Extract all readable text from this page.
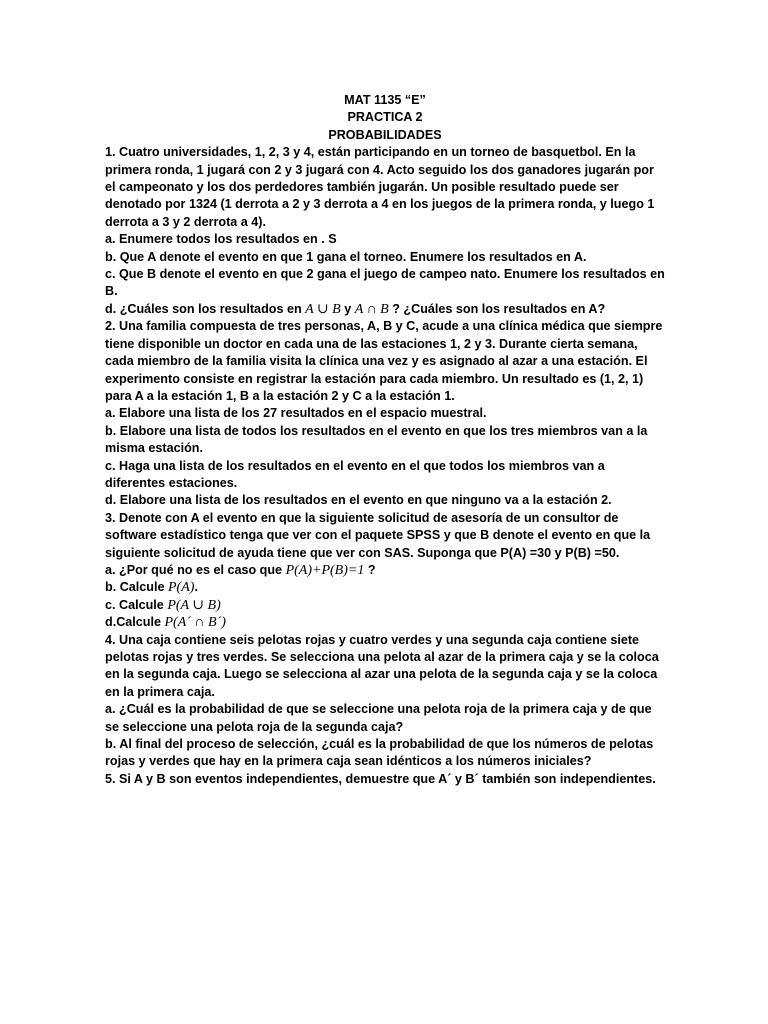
MAT 1135 “E”
PRACTICA 2
PROBABILIDADES
1. Cuatro universidades, 1, 2, 3 y 4, están participando en un torneo de basquetbol. En la primera ronda, 1 jugará con 2 y 3 jugará con 4. Acto seguido los dos ganadores jugarán por el campeonato y los dos perdedores también jugarán. Un posible resultado puede ser denotado por 1324 (1 derrota a 2 y 3 derrota a 4 en los juegos de la primera ronda, y luego 1 derrota a 3 y 2 derrota a 4).
a. Enumere todos los resultados en . S
b. Que A denote el evento en que 1 gana el torneo. Enumere los resultados en A.
c. Que B denote el evento en que 2 gana el juego de campeo nato. Enumere los resultados en B.
d. ¿Cuáles son los resultados en A ∪ B y A ∩ B ? ¿Cuáles son los resultados en A?
2. Una familia compuesta de tres personas, A, B y C, acude a una clínica médica que siempre tiene disponible un doctor en cada una de las estaciones 1, 2 y 3. Durante cierta semana, cada miembro de la familia visita la clínica una vez y es asignado al azar a una estación. El experimento consiste en registrar la estación para cada miembro. Un resultado es (1, 2, 1) para A a la estación 1, B a la estación 2 y C a la estación 1.
a. Elabore una lista de los 27 resultados en el espacio muestral.
b. Elabore una lista de todos los resultados en el evento en que los tres miembros van a la misma estación.
c. Haga una lista de los resultados en el evento en el que todos los miembros van a diferentes estaciones.
d. Elabore una lista de los resultados en el evento en que ninguno va a la estación 2.
3. Denote con A el evento en que la siguiente solicitud de asesoría de un consultor de software estadístico tenga que ver con el paquete SPSS y que B denote el evento en que la siguiente solicitud de ayuda tiene que ver con SAS. Suponga que P(A) =30 y P(B) =50.
a. ¿Por qué no es el caso que P(A)+P(B)=1 ?
b. Calcule P(A).
c. Calcule P(A ∪ B)
d.Calcule P(A´ ∩ B´)
4. Una caja contiene seis pelotas rojas y cuatro verdes y una segunda caja contiene siete pelotas rojas y tres verdes. Se selecciona una pelota al azar de la primera caja y se la coloca en la segunda caja. Luego se selecciona al azar una pelota de la segunda caja y se la coloca en la primera caja.
a. ¿Cuál es la probabilidad de que se seleccione una pelota roja de la primera caja y de que se seleccione una pelota roja de la segunda caja?
b. Al final del proceso de selección, ¿cuál es la probabilidad de que los números de pelotas rojas y verdes que hay en la primera caja sean idénticos a los números iniciales?
5. Si A y B son eventos independientes, demuestre que A´ y B´ también son independientes.
